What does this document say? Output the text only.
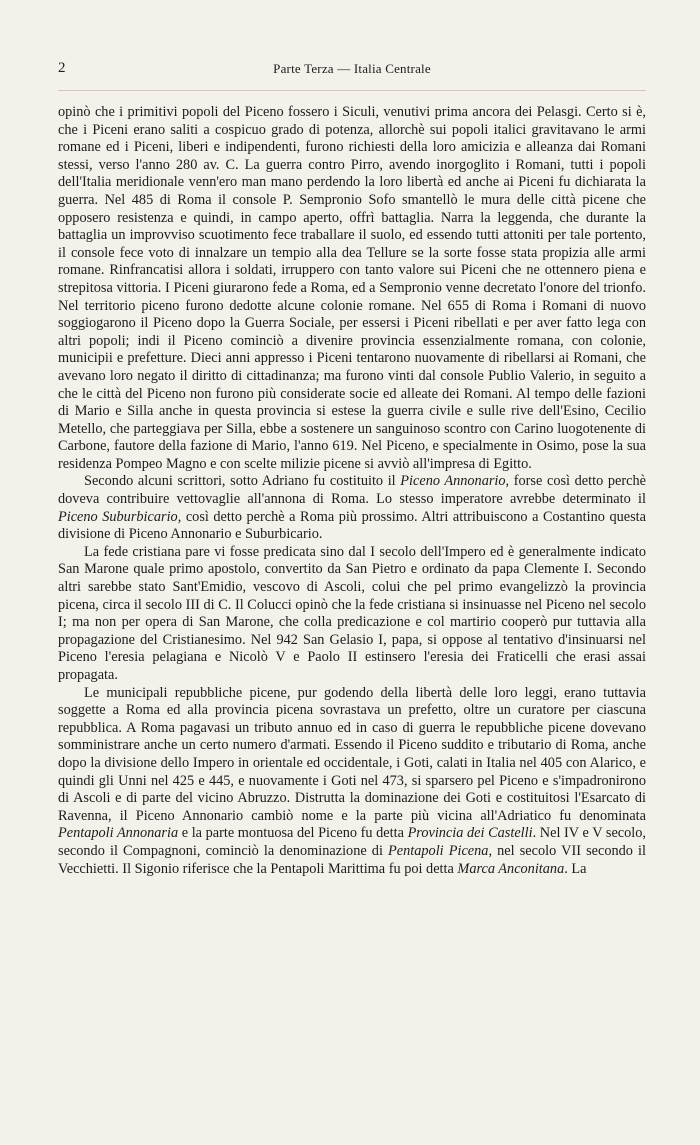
2	Parte Terza — Italia Centrale

opinò che i primitivi popoli del Piceno fossero i Siculi, venutivi prima ancora dei Pelasgi. Certo si è, che i Piceni erano saliti a cospicuo grado di potenza, allorchè sui popoli italici gravitavano le armi romane ed i Piceni, liberi e indipendenti, furono richiesti della loro amicizia e alleanza dai Romani stessi, verso l'anno 280 av. C. La guerra contro Pirro, avendo inorgoglito i Romani, tutti i popoli dell'Italia meridionale venn'ero man mano perdendo la loro libertà ed anche ai Piceni fu dichiarata la guerra. Nel 485 di Roma il console P. Sempronio Sofo smantellò le mura delle città picene che opposero resistenza e quindi, in campo aperto, offrì battaglia. Narra la leggenda, che durante la battaglia un improvviso scuotimento fece traballare il suolo, ed essendo tutti attoniti per tale portento, il console fece voto di innalzare un tempio alla dea Tellure se la sorte fosse stata propizia alle armi romane. Rinfrancatisi allora i soldati, irruppero con tanto valore sui Piceni che ne ottennero piena e strepitosa vittoria. I Piceni giurarono fede a Roma, ed a Sempronio venne decretato l'onore del trionfo. Nel territorio piceno furono dedotte alcune colonie romane. Nel 655 di Roma i Romani di nuovo soggiogarono il Piceno dopo la Guerra Sociale, per essersi i Piceni ribellati e per aver fatto lega con altri popoli; indi il Piceno cominciò a divenire provincia essenzialmente romana, con colonie, municipii e prefetture. Dieci anni appresso i Piceni tentarono nuovamente di ribellarsi ai Romani, che avevano loro negato il diritto di cittadinanza; ma furono vinti dal console Publio Valerio, in seguito a che le città del Piceno non furono più considerate socie ed alleate dei Romani. Al tempo delle fazioni di Mario e Silla anche in questa provincia si estese la guerra civile e sulle rive dell'Esino, Cecilio Metello, che parteggiava per Silla, ebbe a sostenere un sanguinoso scontro con Carino luogotenente di Carbone, fautore della fazione di Mario, l'anno 619. Nel Piceno, e specialmente in Osimo, pose la sua residenza Pompeo Magno e con scelte milizie picene si avviò all'impresa di Egitto.

Secondo alcuni scrittori, sotto Adriano fu costituito il Piceno Annonario, forse così detto perchè doveva contribuire vettovaglie all'annona di Roma. Lo stesso imperatore avrebbe determinato il Piceno Suburbicario, così detto perchè a Roma più prossimo. Altri attribuiscono a Costantino questa divisione di Piceno Annonario e Suburbicario.

La fede cristiana pare vi fosse predicata sino dal I secolo dell'Impero ed è generalmente indicato San Marone quale primo apostolo, convertito da San Pietro e ordinato da papa Clemente I. Secondo altri sarebbe stato Sant'Emidio, vescovo di Ascoli, colui che pel primo evangelizzò la provincia picena, circa il secolo III di C. Il Colucci opinò che la fede cristiana si insinuasse nel Piceno nel secolo I; ma non per opera di San Marone, che colla predicazione e col martirio cooperò pur tuttavia alla propagazione del Cristianesimo. Nel 942 San Gelasio I, papa, si oppose al tentativo d'insinuarsi nel Piceno l'eresia pelagiana e Nicolò V e Paolo II estinsero l'eresia dei Fraticelli che erasi assai propagata.

Le municipali repubbliche picene, pur godendo della libertà delle loro leggi, erano tuttavia soggette a Roma ed alla provincia picena sovrastava un prefetto, oltre un curatore per ciascuna repubblica. A Roma pagavasi un tributo annuo ed in caso di guerra le repubbliche picene dovevano somministrare anche un certo numero d'armati. Essendo il Piceno suddito e tributario di Roma, anche dopo la divisione dello Impero in orientale ed occidentale, i Goti, calati in Italia nel 405 con Alarico, e quindi gli Unni nel 425 e 445, e nuovamente i Goti nel 473, si sparsero pel Piceno e s'impadronirono di Ascoli e di parte del vicino Abruzzo. Distrutta la dominazione dei Goti e costituitosi l'Esarcato di Ravenna, il Piceno Annonario cambiò nome e la parte più vicina all'Adriatico fu denominata Pentapoli Annonaria e la parte montuosa del Piceno fu detta Provincia dei Castelli. Nel IV e V secolo, secondo il Compagnoni, cominciò la denominazione di Pentapoli Picena, nel secolo VII secondo il Vecchietti. Il Sigonio riferisce che la Pentapoli Marittima fu poi detta Marca Anconitana. La
